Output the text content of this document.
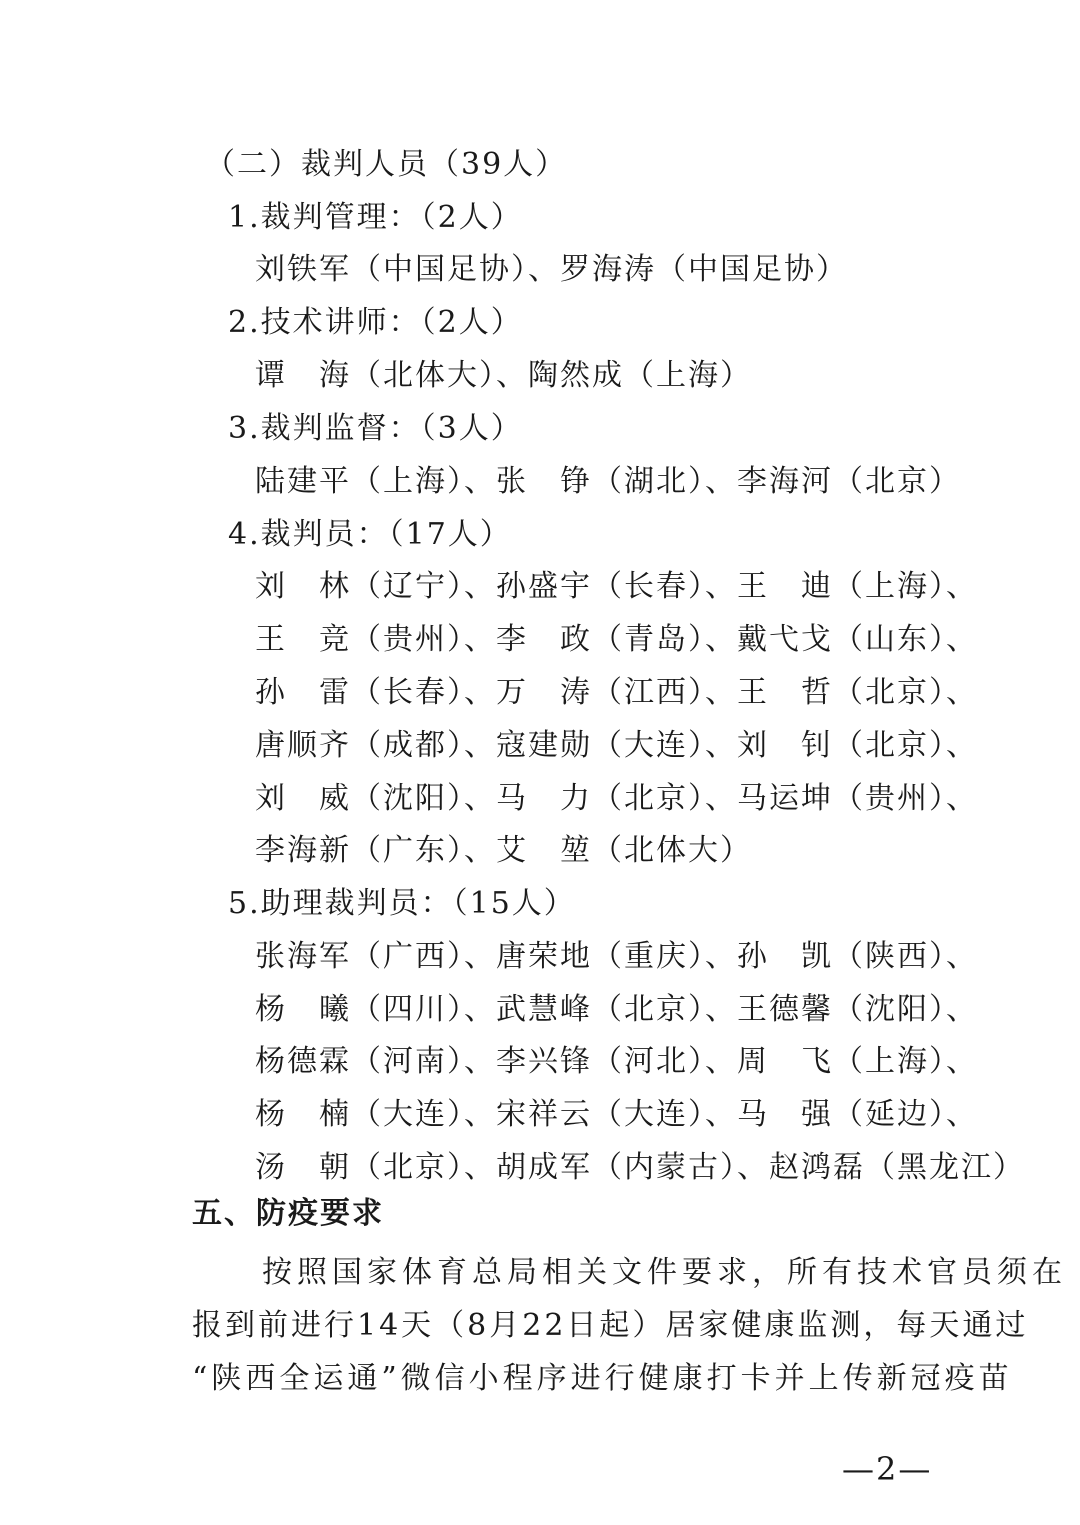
（二）裁判人员（39人）
1.裁判管理：（2人）
刘铁军（中国足协）、罗海涛（中国足协）
2.技术讲师：（2人）
谭　海（北体大）、陶然成（上海）
3.裁判监督：（3人）
陆建平（上海）、张　铮（湖北）、李海河（北京）
4.裁判员：（17人）
刘　林（辽宁）、孙盛宇（长春）、王　迪（上海）、
王　竞（贵州）、李　政（青岛）、戴弋戈（山东）、
孙　雷（长春）、万　涛（江西）、王　哲（北京）、
唐顺齐（成都）、寇建勋（大连）、刘　钊（北京）、
刘　威（沈阳）、马　力（北京）、马运坤（贵州）、
李海新（广东）、艾　堃（北体大）
5.助理裁判员：（15人）
张海军（广西）、唐荣地（重庆）、孙　凯（陕西）、
杨　曦（四川）、武慧峰（北京）、王德馨（沈阳）、
杨德霖（河南）、李兴锋（河北）、周　飞（上海）、
杨　楠（大连）、宋祥云（大连）、马　强（延边）、
汤　朝（北京）、胡成军（内蒙古）、赵鸿磊（黑龙江）
五、防疫要求
　　按照国家体育总局相关文件要求，所有技术官员须在
报到前进行14天（8月22日起）居家健康监测，每天通过
“陕西全运通”微信小程序进行健康打卡并上传新冠疫苗
—2—
